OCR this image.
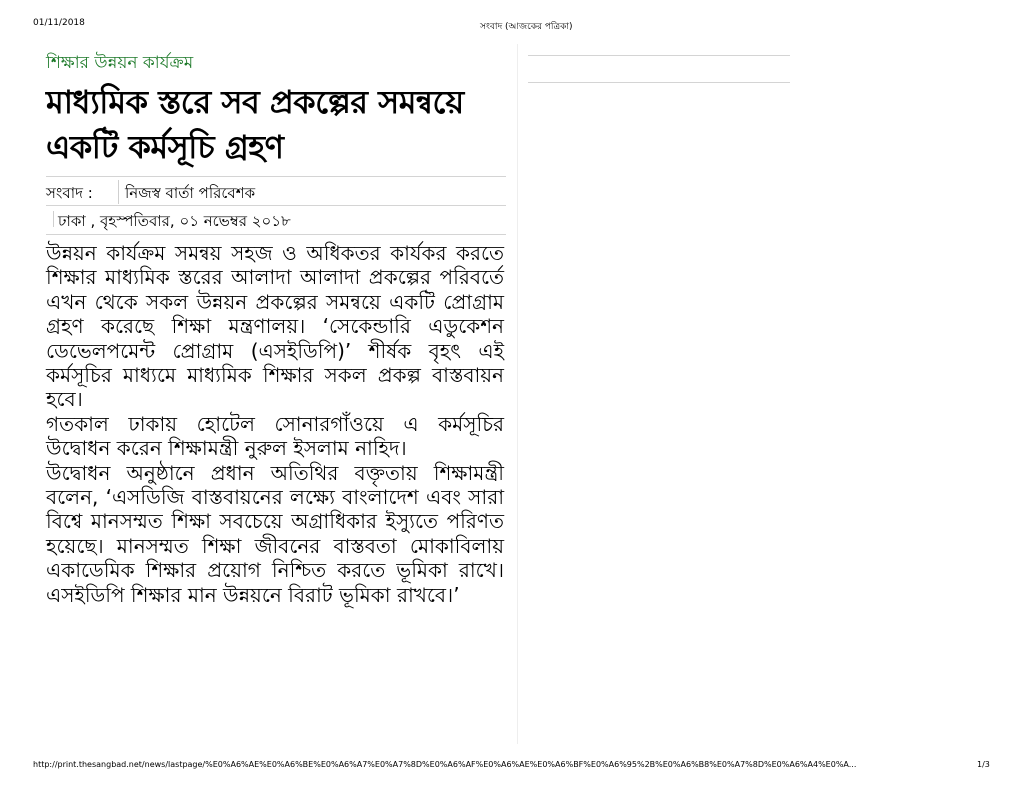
01/11/2018	সংবাদ (আজকের পত্রিকা)
শিক্ষার উন্নয়ন কার্যক্রম
মাধ্যমিক স্তরে সব প্রকল্পের সমন্বয়ে একটি কর্মসূচি গ্রহণ
সংবাদ : নিজস্ব বার্তা পরিবেশক
ঢাকা , বৃহস্পতিবার, ০১ নভেম্বর ২০১৮

উন্নয়ন কার্যক্রম সমন্বয় সহজ ও অধিকতর কার্যকর করতে শিক্ষার মাধ্যমিক স্তরের আলাদা আলাদা প্রকল্পের পরিবর্তে এখন থেকে সকল উন্নয়ন প্রকল্পের সমন্বয়ে একটি প্রোগ্রাম গ্রহণ করেছে শিক্ষা মন্ত্রণালয়। ‘সেকেন্ডারি এডুকেশন ডেভেলপমেন্ট প্রোগ্রাম (এসইডিপি)’ শীর্ষক বৃহৎ এই কর্মসূচির মাধ্যমে মাধ্যমিক শিক্ষার সকল প্রকল্প বাস্তবায়ন হবে।

গতকাল ঢাকায় হোটেল সোনারগাঁওয়ে এ কর্মসূচির উদ্বোধন করেন শিক্ষামন্ত্রী নুরুল ইসলাম নাহিদ।

উদ্বোধন অনুষ্ঠানে প্রধান অতিথির বক্তৃতায় শিক্ষামন্ত্রী বলেন, ‘এসডিজি বাস্তবায়নের লক্ষ্যে বাংলাদেশ এবং সারা বিশ্বে মানসম্মত শিক্ষা সবচেয়ে অগ্রাধিকার ইস্যুতে পরিণত হয়েছে। মানসম্মত শিক্ষা জীবনের বাস্তবতা মোকাবিলায় একাডেমিক শিক্ষার প্রয়োগ নিশ্চিত করতে ভূমিকা রাখে। এসইডিপি শিক্ষার মান উন্নয়নে বিরাট ভূমিকা রাখবে।’

http://print.thesangbad.net/news/lastpage/%E0%A6%AE%E0%A6%BE%E0%A6%A7%E0%A7%8D%E0%A6%AF%E0%A6%AE%E0%A6%BF%E0%A6%95%2B%E0%A6%B8%E0%A7%8D%E0%A6%A4%E0%A...	1/3
